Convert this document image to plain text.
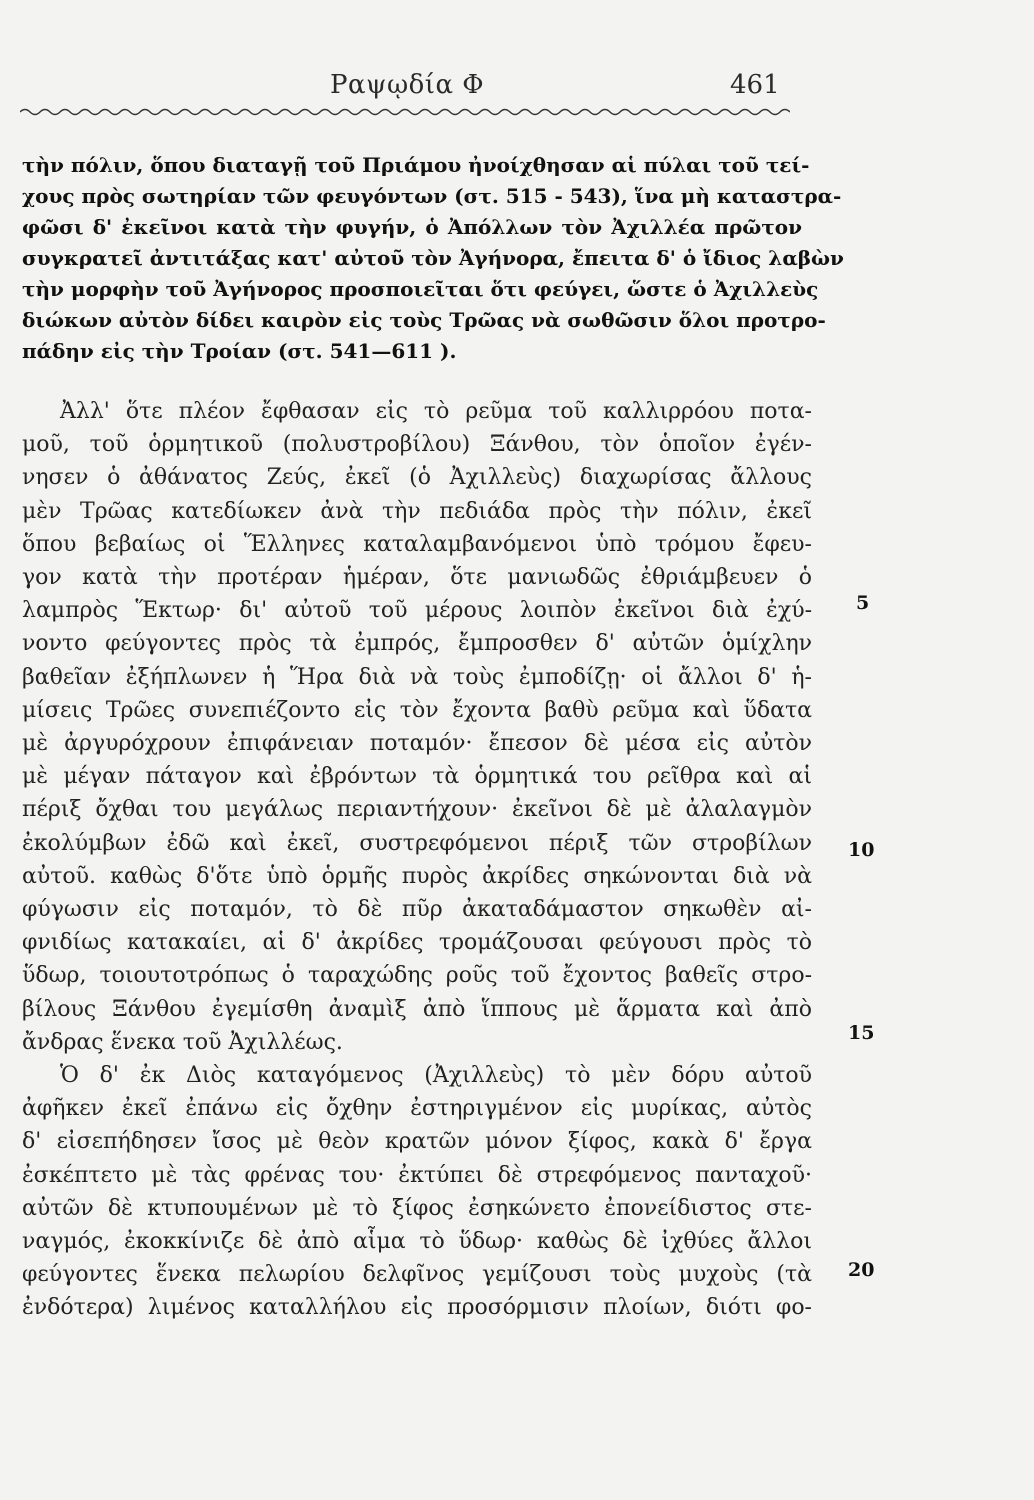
Ραψῳδία Φ	461
τὴν πόλιν, ὅπου διαταγῇ τοῦ Πριάμου ἠνοίχθησαν αἱ πύλαι τοῦ τεί-
χους πρὸς σωτηρίαν τῶν φευγόντων (στ. 515 - 543), ἵνα μὴ καταστρα-
φῶσι δ' ἐκεῖνοι κατὰ τὴν φυγήν, ὁ Ἀπόλλων τὸν Ἀχιλλέα πρῶτον
συγκρατεῖ ἀντιτάξας κατ' αὐτοῦ τὸν Ἀγήνορα, ἔπειτα δ' ὁ ἴδιος λαβὼν
τὴν μορφὴν τοῦ Ἀγήνορος προσποιεῖται ὅτι φεύγει, ὥστε ὁ Ἀχιλλεὺς
διώκων αὐτὸν δίδει καιρὸν εἰς τοὺς Τρῶας νὰ σωθῶσιν ὅλοι προτρο-
πάδην εἰς τὴν Τροίαν (στ. 541—611 ).
Ἀλλ' ὅτε πλέον ἔφθασαν εἰς τὸ ρεῦμα τοῦ καλλιρρόου ποτα-
μοῦ, τοῦ ὁρμητικοῦ (πολυστροβίλου) Ξάνθου, τὸν ὁποῖον ἐγέν-
νησεν ὁ ἀθάνατος Ζεύς, ἐκεῖ (ὁ Ἀχιλλεὺς) διαχωρίσας ἄλλους
μὲν Τρῶας κατεδίωκεν ἀνὰ τὴν πεδιάδα πρὸς τὴν πόλιν, ἐκεῖ
ὅπου βεβαίως οἱ Ἕλληνες καταλαμβανόμενοι ὑπὸ τρόμου ἔφευ-
γον κατὰ τὴν προτέραν ἡμέραν, ὅτε μανιωδῶς ἐθριάμβευεν ὁ
λαμπρὸς Ἕκτωρ· δι' αὐτοῦ τοῦ μέρους λοιπὸν ἐκεῖνοι διὰ ἐχύ-
νοντο φεύγοντες πρὸς τὰ ἐμπρός, ἔμπροσθεν δ' αὐτῶν ὁμίχλην
βαθεῖαν ἐξήπλωνεν ἡ Ἥρα διὰ νὰ τοὺς ἐμποδίζῃ· οἱ ἄλλοι δ' ἡ-
μίσεις Τρῶες συνεπιέζοντο εἰς τὸν ἔχοντα βαθὺ ρεῦμα καὶ ὕδατα
μὲ ἀργυρόχρουν ἐπιφάνειαν ποταμόν· ἔπεσον δὲ μέσα εἰς αὐτὸν
μὲ μέγαν πάταγον καὶ ἐβρόντων τὰ ὁρμητικά του ρεῖθρα καὶ αἱ
πέριξ ὄχθαι του μεγάλως περιαντήχουν· ἐκεῖνοι δὲ μὲ ἀλαλαγμὸν
ἐκολύμβων ἐδῶ καὶ ἐκεῖ, συστρεφόμενοι πέριξ τῶν στροβίλων
αὐτοῦ. καθὼς δ'ὅτε ὑπὸ ὁρμῆς πυρὸς ἀκρίδες σηκώνονται διὰ νὰ
φύγωσιν εἰς ποταμόν, τὸ δὲ πῦρ ἀκαταδάμαστον σηκωθὲν αἰ-
φνιδίως κατακαίει, αἱ δ' ἀκρίδες τρομάζουσαι φεύγουσι πρὸς τὸ
ὕδωρ, τοιουτοτρόπως ὁ ταραχώδης ροῦς τοῦ ἔχοντος βαθεῖς στρο-
βίλους Ξάνθου ἐγεμίσθη ἀναμὶξ ἀπὸ ἵππους μὲ ἅρματα καὶ ἀπὸ
ἄνδρας ἕνεκα τοῦ Ἀχιλλέως.
Ὁ δ' ἐκ Διὸς καταγόμενος (Ἀχιλλεὺς) τὸ μὲν δόρυ αὐτοῦ
ἀφῆκεν ἐκεῖ ἐπάνω εἰς ὄχθην ἐστηριγμένον εἰς μυρίκας, αὐτὸς
δ' εἰσεπήδησεν ἴσος μὲ θεὸν κρατῶν μόνον ξίφος, κακὰ δ' ἔργα
ἐσκέπτετο μὲ τὰς φρένας του· ἐκτύπει δὲ στρεφόμενος πανταχοῦ·
αὐτῶν δὲ κτυπουμένων μὲ τὸ ξίφος ἐσηκώνετο ἐπονείδιστος στε-
ναγμός, ἐκοκκίνιζε δὲ ἀπὸ αἷμα τὸ ὕδωρ· καθὼς δὲ ἰχθύες ἄλλοι
φεύγοντες ἕνεκα πελωρίου δελφῖνος γεμίζουσι τοὺς μυχοὺς (τὰ
ἐνδότερα) λιμένος καταλλήλου εἰς προσόρμισιν πλοίων, διότι φο-
5
10
15
20
